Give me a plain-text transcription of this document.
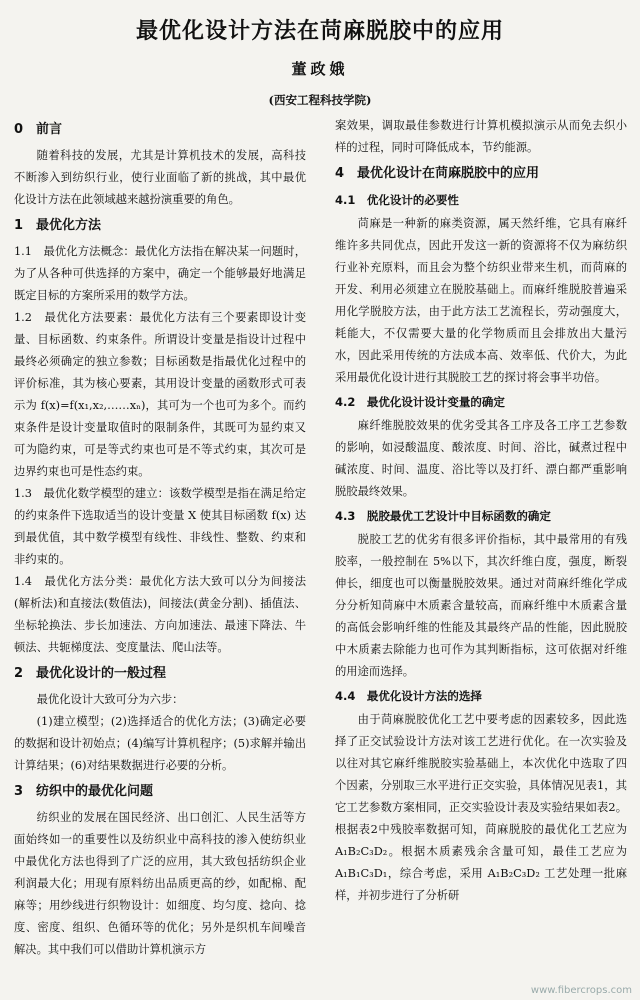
最优化设计方法在苘麻脱胶中的应用
董政娥
(西安工程科技学院)
0　前言

随着科技的发展，尤其是计算机技术的发展，高科技不断渗入到纺织行业，使行业面临了新的挑战，其中最优化设计方法在此领域越来越扮演重要的角色。

1　最优化方法

1.1　最优化方法概念：最优化方法指在解决某一问题时，为了从各种可供选择的方案中，确定一个能够最好地满足既定目标的方案所采用的数学方法。

1.2　最优化方法要素：最优化方法有三个要素即设计变量、目标函数、约束条件。所谓设计变量是指设计过程中最终必须确定的独立参数；目标函数是指最优化过程中的评价标准，其为核心要素，其用设计变量的函数形式可表示为 f(x)=f(x₁,x₂,……xₙ)，其可为一个也可为多个。而约束条件是设计变量取值时的限制条件，其既可为显约束又可为隐约束，可是等式约束也可是不等式约束，其次可是边界约束也可是性态约束。

1.3　最优化数学模型的建立：该数学模型是指在满足给定的约束条件下选取适当的设计变量 X 使其目标函数 f(x) 达到最优值，其中数学模型有线性、非线性、整数、约束和非约束的。

1.4　最优化方法分类：最优化方法大致可以分为间接法(解析法)和直接法(数值法)，间接法(黄金分割)、插值法、坐标轮换法、步长加速法、方向加速法、最速下降法、牛顿法、共轭梯度法、变度量法、爬山法等。

2　最优化设计的一般过程

最优化设计大致可分为六步：

(1)建立模型；(2)选择适合的优化方法；(3)确定必要的数据和设计初始点；(4)编写计算机程序；(5)求解并输出计算结果；(6)对结果数据进行必要的分析。

3　纺织中的最优化问题

纺织业的发展在国民经济、出口创汇、人民生活等方面始终如一的重要性以及纺织业中高科技的渗入使纺织业中最优化方法也得到了广泛的应用，其大致包括纺织企业利润最大化；用现有原料纺出品质更高的纱，如配棉、配麻等；用纱线进行织物设计：如细度、均匀度、捻向、捻度、密度、组织、色循环等的优化；另外是织机车间噪音解决。其中我们可以借助计算机演示方

案效果，调取最佳参数进行计算机模拟演示从而免去织小样的过程，同时可降低成本，节约能源。

4　最优化设计在苘麻脱胶中的应用
4.1　优化设计的必要性

苘麻是一种新的麻类资源，属天然纤维，它具有麻纤维许多共同优点，因此开发这一新的资源将不仅为麻纺织行业补充原料，而且会为整个纺织业带来生机，而苘麻的开发、利用必须建立在脱胶基础上。而麻纤维脱胶普遍采用化学脱胶方法，由于此方法工艺流程长，劳动强度大，耗能大，不仅需要大量的化学物质而且会排放出大量污水，因此采用传统的方法成本高、效率低、代价大，为此采用最优化设计进行其脱胶工艺的探讨将会事半功倍。

4.2　最优化设计设计变量的确定

麻纤维脱胶效果的优劣受其各工序及各工序工艺参数的影响，如浸酸温度、酸浓度、时间、浴比，碱煮过程中碱浓度、时间、温度、浴比等以及打纤、漂白都严重影响脱胶最终效果。

4.3　脱胶最优工艺设计中目标函数的确定

脱胶工艺的优劣有很多评价指标，其中最常用的有残胶率，一般控制在 5%以下，其次纤维白度，强度，断裂伸长，细度也可以衡量脱胶效果。通过对苘麻纤维化学成分分析知苘麻中木质素含量较高，而麻纤维中木质素含量的高低会影响纤维的性能及其最终产品的性能，因此脱胶中木质素去除能力也可作为其判断指标，这可依据对纤维的用途而选择。

4.4　最优化设计方法的选择

由于苘麻脱胶优化工艺中要考虑的因素较多，因此选择了正交试验设计方法对该工艺进行优化。在一次实验及以往对其它麻纤维脱胶实验基础上，本次优化中选取了四个因素，分别取三水平进行正交实验，具体情况见表1，其它工艺参数方案相同，正交实验设计表及实验结果如表2。根据表2中残胶率数据可知，苘麻脱胶的最优化工艺应为 A₁B₂C₃D₂。根据木质素残余含量可知，最佳工艺应为 A₁B₁C₃D₁，综合考虑，采用 A₁B₂C₃D₂ 工艺处理一批麻样，并初步进行了分析研

www.fibercrops.com
